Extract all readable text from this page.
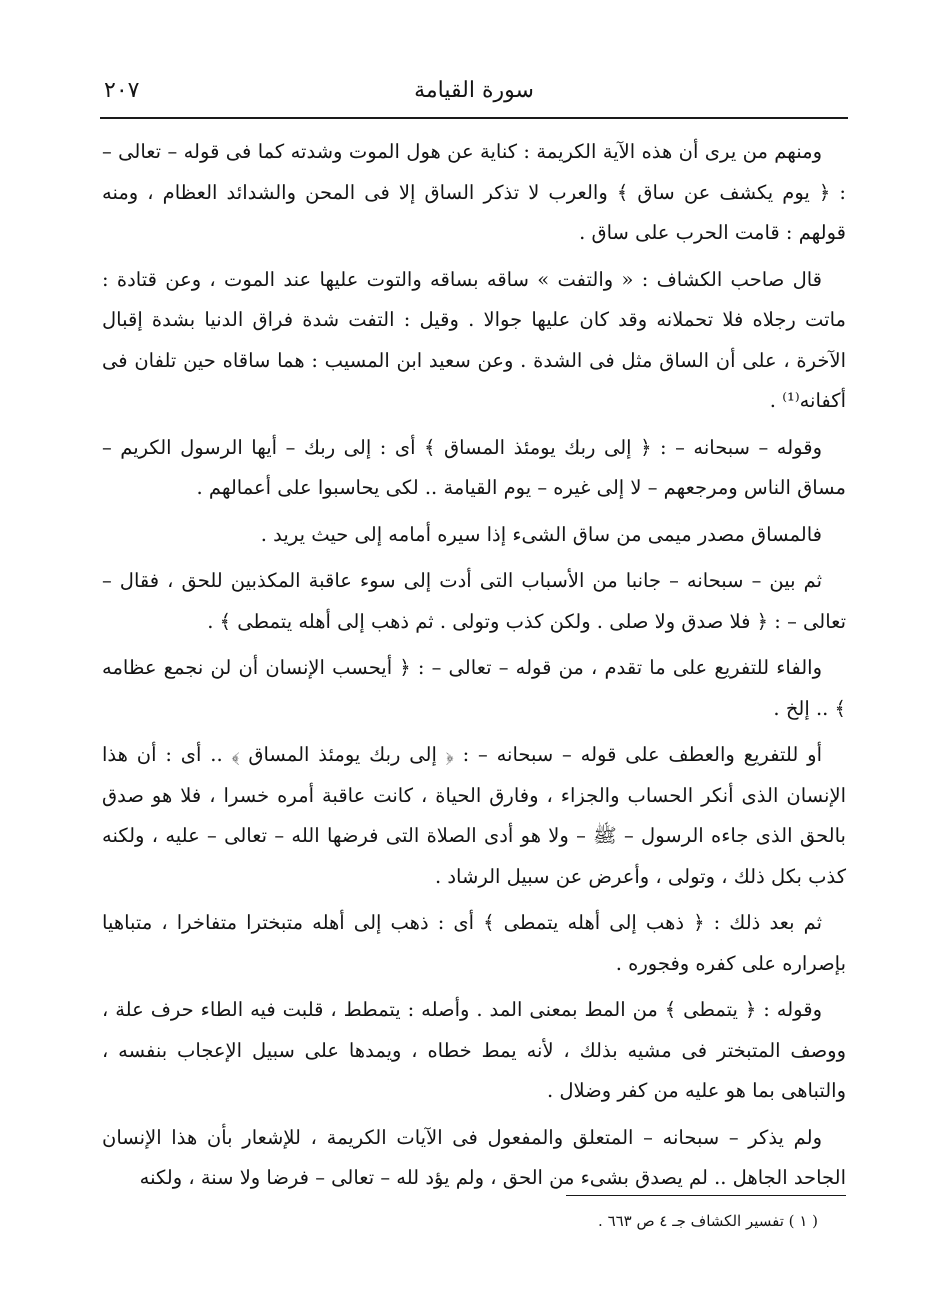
سورة القيامة
٢٠٧

ومنهم من يرى أن هذه الآية الكريمة : كناية عن هول الموت وشدته كما فى قوله – تعالى – : ﴿ يوم يكشف عن ساق ﴾ والعرب لا تذكر الساق إلا فى المحن والشدائد العظام ، ومنه قولهم : قامت الحرب على ساق .

قال صاحب الكشاف : « والتفت » ساقه بساقه والتوت عليها عند الموت ، وعن قتادة : ماتت رجلاه فلا تحملانه وقد كان عليها جوالا . وقيل : التفت شدة فراق الدنيا بشدة إقبال الآخرة ، على أن الساق مثل فى الشدة . وعن سعيد ابن المسيب : هما ساقاه حين تلفان فى أكفانه⁽¹⁾ .

وقوله – سبحانه – : ﴿ إلى ربك يومئذ المساق ﴾ أى : إلى ربك – أيها الرسول الكريم – مساق الناس ومرجعهم – لا إلى غيره – يوم القيامة .. لكى يحاسبوا على أعمالهم .

فالمساق مصدر ميمى من ساق الشىء إذا سيره أمامه إلى حيث يريد .

ثم بين – سبحانه – جانبا من الأسباب التى أدت إلى سوء عاقبة المكذبين للحق ، فقال – تعالى – : ﴿ فلا صدق ولا صلى . ولكن كذب وتولى . ثم ذهب إلى أهله يتمطى ﴾ .

والفاء للتفريع على ما تقدم ، من قوله – تعالى – : ﴿ أيحسب الإنسان أن لن نجمع عظامه ﴾ .. إلخ .

أو للتفريع والعطف على قوله – سبحانه – : ﴿ إلى ربك يومئذ المساق ﴾ .. أى : أن هذا الإنسان الذى أنكر الحساب والجزاء ، وفارق الحياة ، كانت عاقبة أمره خسرا ، فلا هو صدق بالحق الذى جاءه الرسول – ﷺ – ولا هو أدى الصلاة التى فرضها الله – تعالى – عليه ، ولكنه كذب بكل ذلك ، وتولى ، وأعرض عن سبيل الرشاد .

ثم بعد ذلك : ﴿ ذهب إلى أهله يتمطى ﴾ أى : ذهب إلى أهله متبخترا متفاخرا ، متباهيا بإصراره على كفره وفجوره .

وقوله : ﴿ يتمطى ﴾ من المط بمعنى المد . وأصله : يتمطط ، قلبت فيه الطاء حرف علة ، ووصف المتبختر فى مشيه بذلك ، لأنه يمط خطاه ، ويمدها على سبيل الإعجاب بنفسه ، والتباهى بما هو عليه من كفر وضلال .

ولم يذكر – سبحانه – المتعلق والمفعول فى الآيات الكريمة ، للإشعار بأن هذا الإنسان الجاحد الجاهل .. لم يصدق بشىء من الحق ، ولم يؤد لله – تعالى – فرضا ولا سنة ، ولكنه

( ١ ) تفسير الكشاف جـ ٤ ص ٦٦٣ .
